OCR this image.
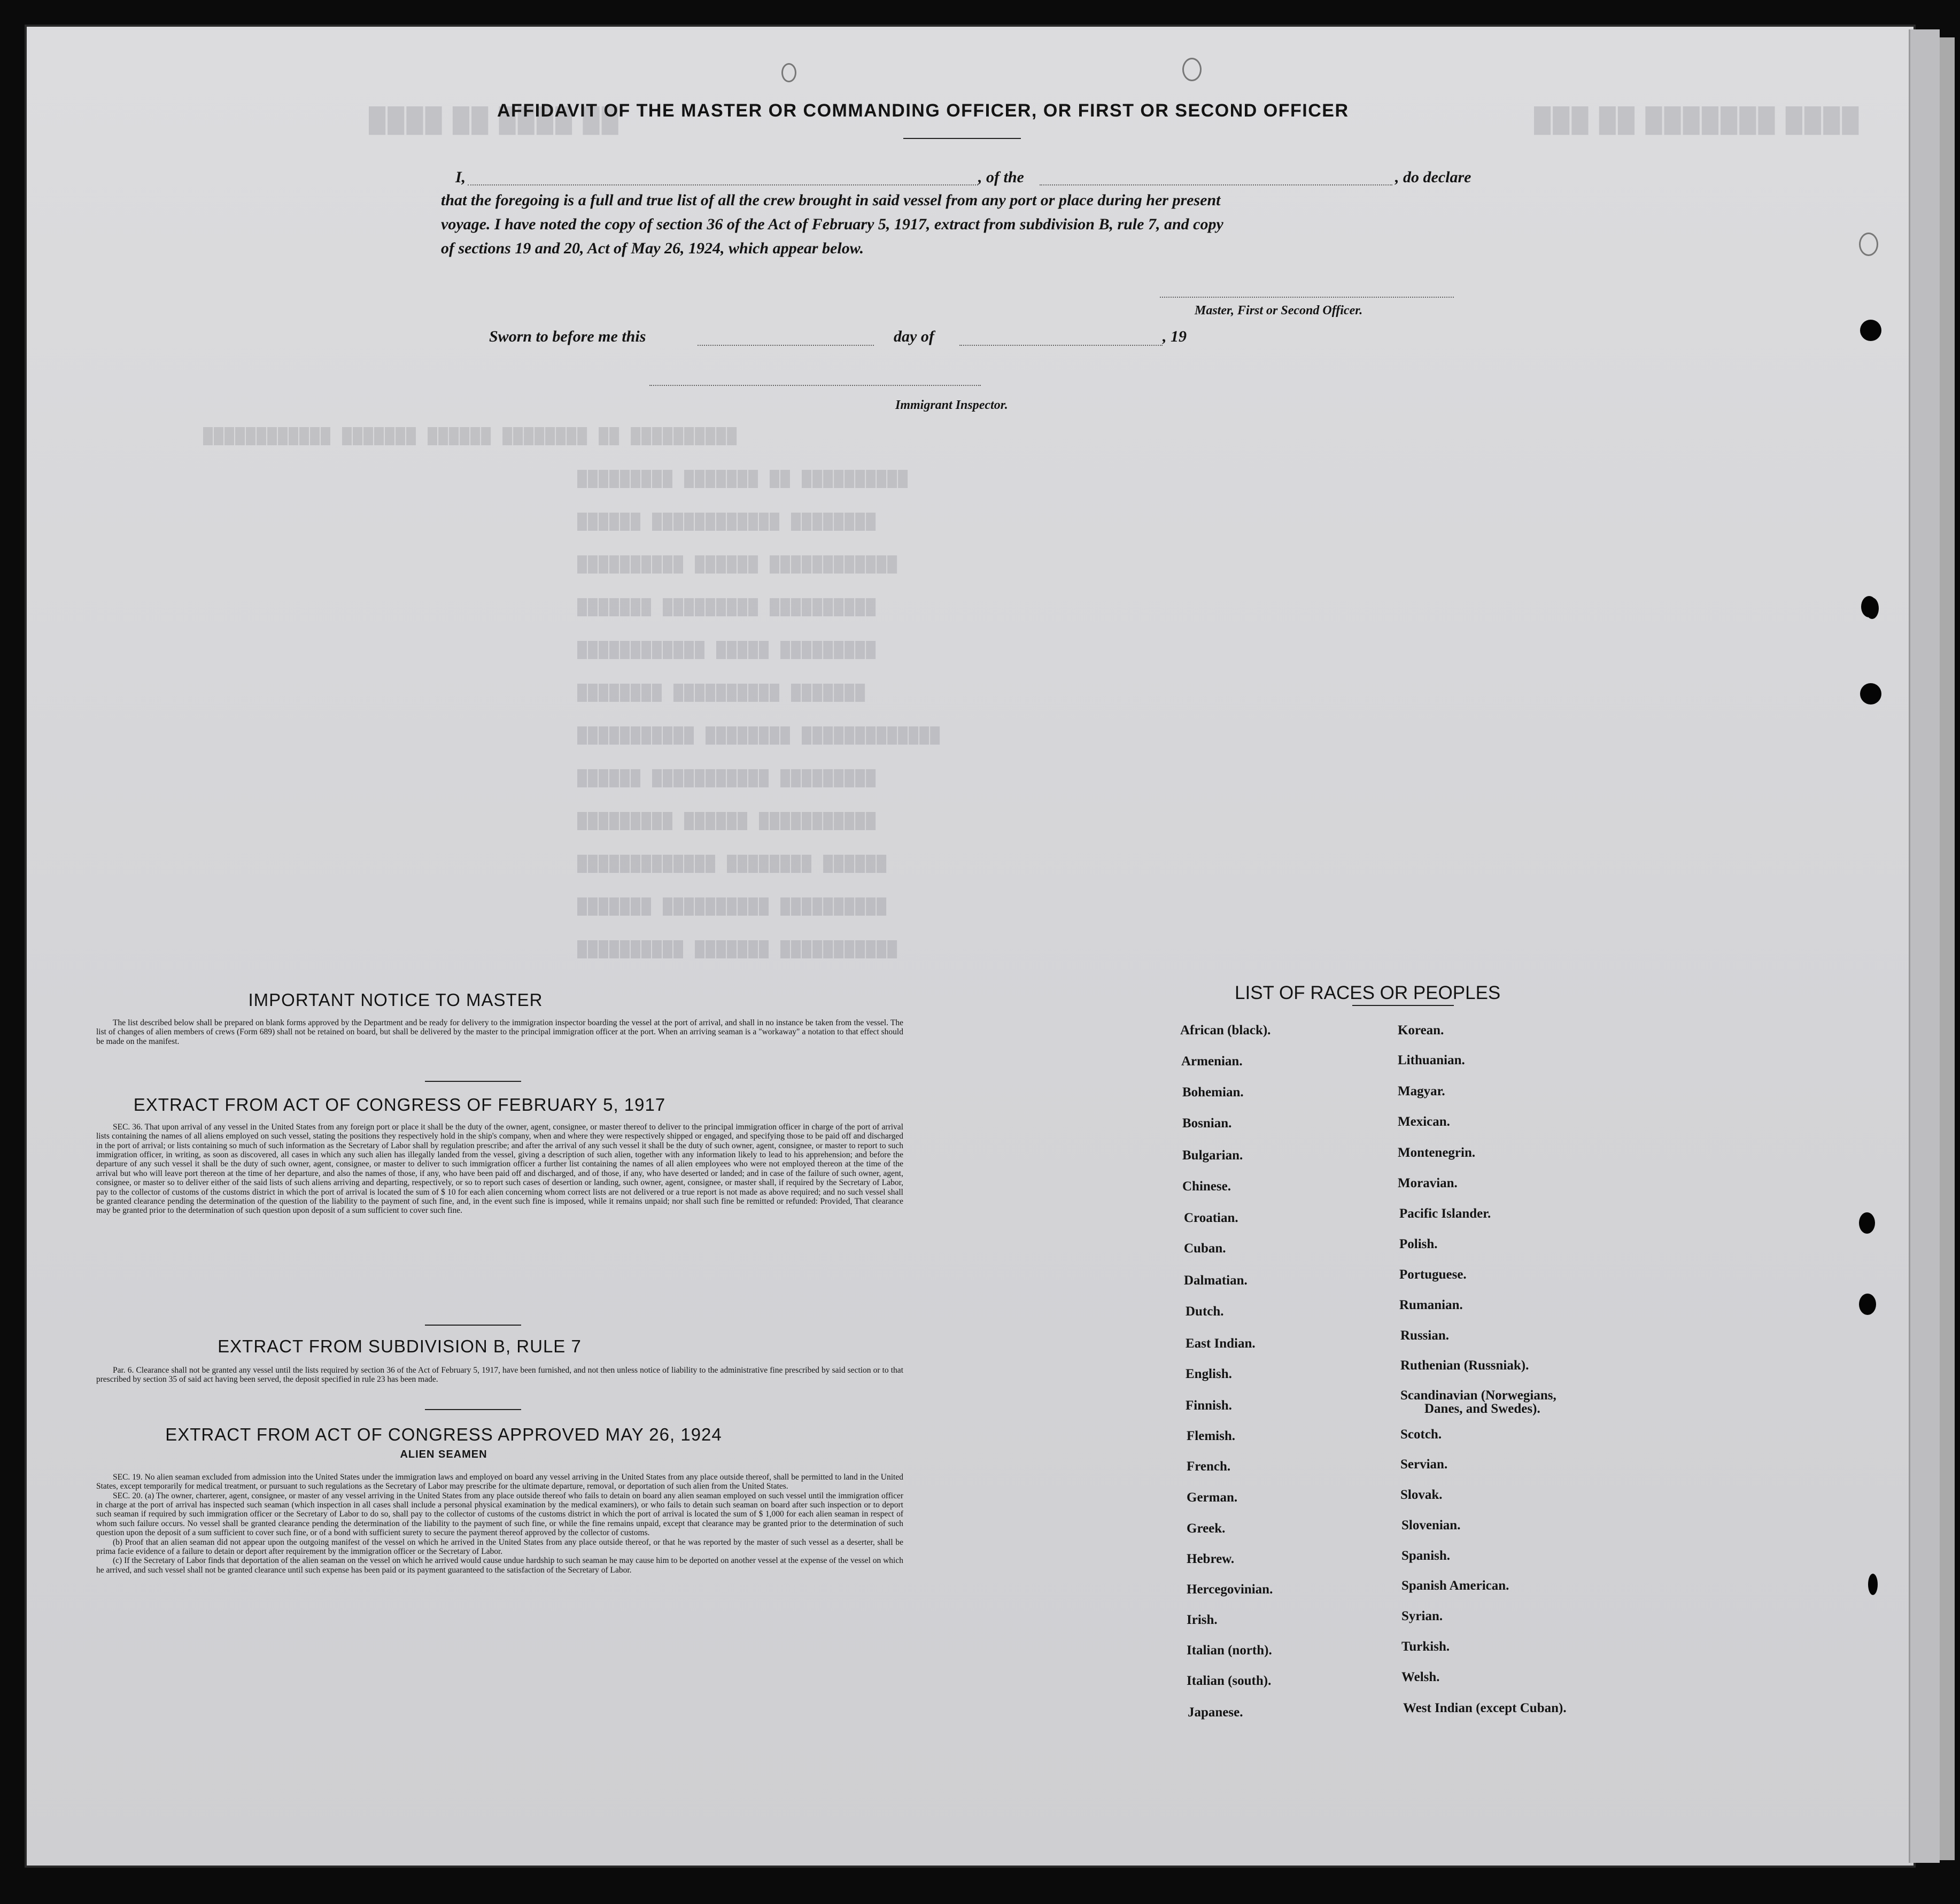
████ ██ ████ ██	███ ██ ███████ ████
████████████ ███████ ██████ ████████ ██ ██████████
█████████ ███████ ██ ██████████
██████ ████████████ ████████
██████████ ██████ ████████████
███████ █████████ ██████████
████████████ █████ █████████
████████ ██████████ ███████
███████████ ████████ █████████████
██████ ███████████ █████████
█████████ ██████ ███████████
█████████████ ████████ ██████
███████ ██████████ ██████████
██████████ ███████ ███████████
AFFIDAVIT OF THE MASTER OR COMMANDING OFFICER, OR FIRST OR SECOND OFFICER
I,	, of the	, do declare
that the foregoing is a full and true list of all the crew brought in said vessel from any port or place during her present
voyage. I have noted the copy of section 36 of the Act of February 5, 1917, extract from subdivision B, rule 7, and copy
of sections 19 and 20, Act of May 26, 1924, which appear below.
Master, First or Second Officer.
Sworn to before me this	day of	, 19
Immigrant Inspector.
IMPORTANT NOTICE TO MASTER
The list described below shall be prepared on blank forms approved by the Department and be ready for delivery to the immigration inspector boarding the vessel at the port of arrival, and shall in no instance be taken from the vessel. The list of changes of alien members of crews (Form 689) shall not be retained on board, but shall be delivered by the master to the principal immigration officer at the port. When an arriving seaman is a "workaway" a notation to that effect should be made on the manifest.
EXTRACT FROM ACT OF CONGRESS OF FEBRUARY 5, 1917
SEC. 36. That upon arrival of any vessel in the United States from any foreign port or place it shall be the duty of the owner, agent, consignee, or master thereof to deliver to the principal immigration officer in charge of the port of arrival lists containing the names of all aliens employed on such vessel, stating the positions they respectively hold in the ship's company, when and where they were respectively shipped or engaged, and specifying those to be paid off and discharged in the port of arrival; or lists containing so much of such information as the Secretary of Labor shall by regulation prescribe; and after the arrival of any such vessel it shall be the duty of such owner, agent, consignee, or master to report to such immigration officer, in writing, as soon as discovered, all cases in which any such alien has illegally landed from the vessel, giving a description of such alien, together with any information likely to lead to his apprehension; and before the departure of any such vessel it shall be the duty of such owner, agent, consignee, or master to deliver to such immigration officer a further list containing the names of all alien employees who were not employed thereon at the time of the arrival but who will leave port thereon at the time of her departure, and also the names of those, if any, who have been paid off and discharged, and of those, if any, who have deserted or landed; and in case of the failure of such owner, agent, consignee, or master so to deliver either of the said lists of such aliens arriving and departing, respectively, or so to report such cases of desertion or landing, such owner, agent, consignee, or master shall, if required by the Secretary of Labor, pay to the collector of customs of the customs district in which the port of arrival is located the sum of $ 10 for each alien concerning whom correct lists are not delivered or a true report is not made as above required; and no such vessel shall be granted clearance pending the determination of the question of the liability to the payment of such fine, and, in the event such fine is imposed, while it remains unpaid; nor shall such fine be remitted or refunded: Provided, That clearance may be granted prior to the determination of such question upon deposit of a sum sufficient to cover such fine.
EXTRACT FROM SUBDIVISION B, RULE 7
Par. 6. Clearance shall not be granted any vessel until the lists required by section 36 of the Act of February 5, 1917, have been furnished, and not then unless notice of liability to the administrative fine prescribed by said section or to that prescribed by section 35 of said act having been served, the deposit specified in rule 23 has been made.
EXTRACT FROM ACT OF CONGRESS APPROVED MAY 26, 1924
ALIEN SEAMEN

SEC. 19. No alien seaman excluded from admission into the United States under the immigration laws and employed on board any vessel arriving in the United States from any place outside thereof, shall be permitted to land in the United States, except temporarily for medical treatment, or pursuant to such regulations as the Secretary of Labor may prescribe for the ultimate departure, removal, or deportation of such alien from the United States.

SEC. 20. (a) The owner, charterer, agent, consignee, or master of any vessel arriving in the United States from any place outside thereof who fails to detain on board any alien seaman employed on such vessel until the immigration officer in charge at the port of arrival has inspected such seaman (which inspection in all cases shall include a personal physical examination by the medical examiners), or who fails to detain such seaman on board after such inspection or to deport such seaman if required by such immigration officer or the Secretary of Labor to do so, shall pay to the collector of customs of the customs district in which the port of arrival is located the sum of $ 1,000 for each alien seaman in respect of whom such failure occurs. No vessel shall be granted clearance pending the determination of the liability to the payment of such fine, or while the fine remains unpaid, except that clearance may be granted prior to the determination of such question upon the deposit of a sum sufficient to cover such fine, or of a bond with sufficient surety to secure the payment thereof approved by the collector of customs.

(b) Proof that an alien seaman did not appear upon the outgoing manifest of the vessel on which he arrived in the United States from any place outside thereof, or that he was reported by the master of such vessel as a deserter, shall be prima facie evidence of a failure to detain or deport after requirement by the immigration officer or the Secretary of Labor.

(c) If the Secretary of Labor finds that deportation of the alien seaman on the vessel on which he arrived would cause undue hardship to such seaman he may cause him to be deported on another vessel at the expense of the vessel on which he arrived, and such vessel shall not be granted clearance until such expense has been paid or its payment guaranteed to the satisfaction of the Secretary of Labor.

LIST OF RACES OR PEOPLES
African (black).
Armenian.
Bohemian.
Bosnian.
Bulgarian.
Chinese.
Croatian.
Cuban.
Dalmatian.
Dutch.
East Indian.
English.
Finnish.
Flemish.
French.
German.
Greek.
Hebrew.
Hercegovinian.
Irish.
Italian (north).
Italian (south).
Japanese.
Korean.
Lithuanian.
Magyar.
Mexican.
Montenegrin.
Moravian.
Pacific Islander.
Polish.
Portuguese.
Rumanian.
Russian.
Ruthenian (Russniak).
Scandinavian (Norwegians,
Danes, and Swedes).
Scotch.
Servian.
Slovak.
Slovenian.
Spanish.
Spanish American.
Syrian.
Turkish.
Welsh.
West Indian (except Cuban).
